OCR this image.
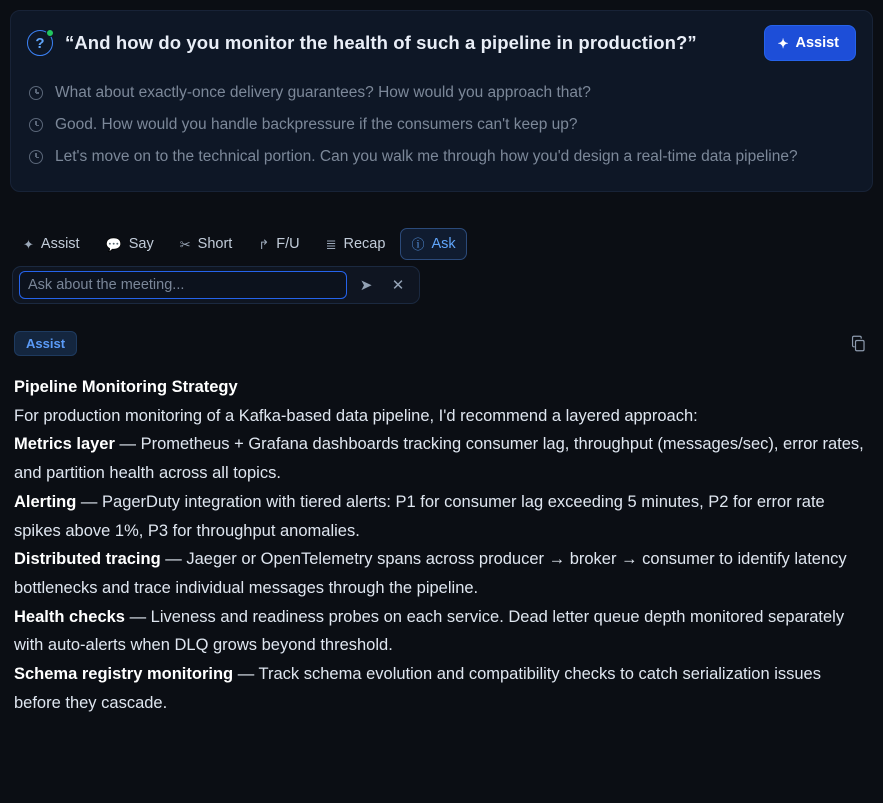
? “And how do you monitor the health of such a pipeline in production?”	✦ Assist
What about exactly-once delivery guarantees? How would you approach that?
Good. How would you handle backpressure if the consumers can't keep up?
Let's move on to the technical portion. Can you walk me through how you'd design a real-time data pipeline?
✦ Assist 💬 Say ✂ Short ↱ F/U ≣ Recap ⓘ Ask
Ask about the meeting...
➤	✕
Assist

Pipeline Monitoring Strategy

For production monitoring of a Kafka-based data pipeline, I'd recommend a layered approach:

Metrics layer — Prometheus + Grafana dashboards tracking consumer lag, throughput (messages/sec), error rates, and partition health across all topics.

Alerting — PagerDuty integration with tiered alerts: P1 for consumer lag exceeding 5 minutes, P2 for error rate spikes above 1%, P3 for throughput anomalies.

Distributed tracing — Jaeger or OpenTelemetry spans across producer → broker → consumer to identify latency bottlenecks and trace individual messages through the pipeline.

Health checks — Liveness and readiness probes on each service. Dead letter queue depth monitored separately with auto-alerts when DLQ grows beyond threshold.

Schema registry monitoring — Track schema evolution and compatibility checks to catch serialization issues before they cascade.
